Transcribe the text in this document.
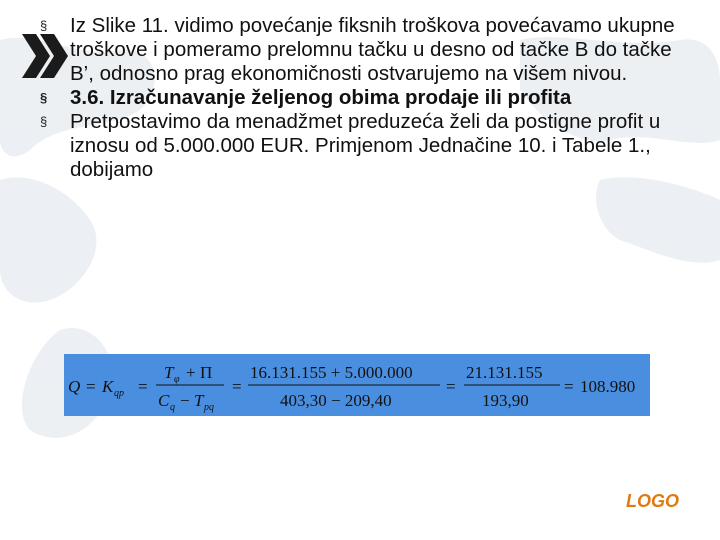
§ Iz Slike 11. vidimo povećanje fiksnih troškova povećavamo ukupne troškove i pomeramo prelomnu tačku u desno od tačke B do tačke B’, odnosno prag ekonomičnosti ostvarujemo na višem nivou.
§ 3.6. Izračunavanje željenog obima prodaje ili profita
§ Pretpostavimo da menadžmet preduzeća želi da postigne profit u iznosu od 5.000.000 EUR. Primjenom Jednačine 10. i Tabele 1., dobijamo
Q = K qp =
T φ + Π
C q − T pq
=
16.131.155 + 5.000.000
403,30 − 209,40
=
21.131.155
193,90
= 108.980
LOGO
